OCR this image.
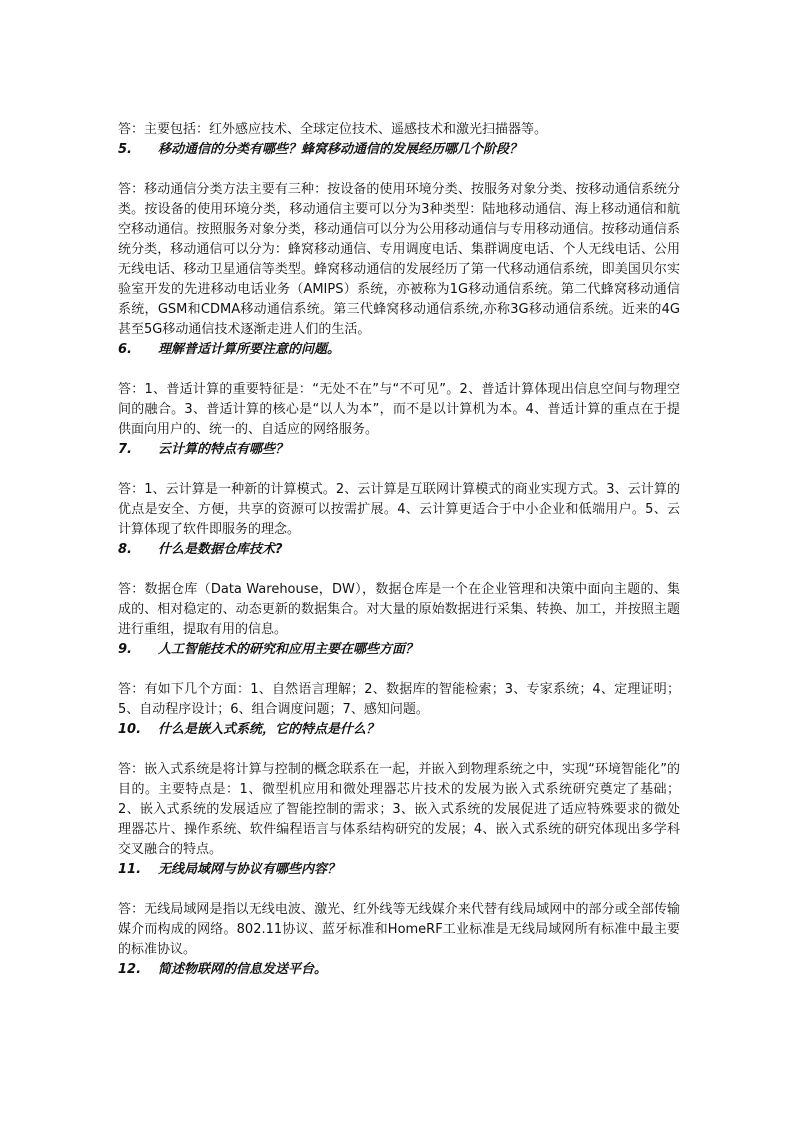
答：主要包括：红外感应技术、全球定位技术、遥感技术和激光扫描器等。

5. 移动通信的分类有哪些？蜂窝移动通信的发展经历哪几个阶段？

答：移动通信分类方法主要有三种：按设备的使用环境分类、按服务对象分类、按移动通信系统分类。按设备的使用环境分类，移动通信主要可以分为3种类型：陆地移动通信、海上移动通信和航空移动通信。按照服务对象分类，移动通信可以分为公用移动通信与专用移动通信。按移动通信系统分类，移动通信可以分为：蜂窝移动通信、专用调度电话、集群调度电话、个人无线电话、公用无线电话、移动卫星通信等类型。蜂窝移动通信的发展经历了第一代移动通信系统，即美国贝尔实验室开发的先进移动电话业务（AMIPS）系统，亦被称为1G移动通信系统。第二代蜂窝移动通信系统，GSM和CDMA移动通信系统。第三代蜂窝移动通信系统,亦称3G移动通信系统。近来的4G甚至5G移动通信技术逐渐走进人们的生活。

6. 理解普适计算所要注意的问题。

答：1、普适计算的重要特征是：“无处不在”与“不可见”。2、普适计算体现出信息空间与物理空间的融合。3、普适计算的核心是“以人为本”，而不是以计算机为本。4、普适计算的重点在于提供面向用户的、统一的、自适应的网络服务。

7. 云计算的特点有哪些？

答：1、云计算是一种新的计算模式。2、云计算是互联网计算模式的商业实现方式。3、云计算的优点是安全、方便，共享的资源可以按需扩展。4、云计算更适合于中小企业和低端用户。5、云计算体现了软件即服务的理念。

8. 什么是数据仓库技术?

答：数据仓库（Data Warehouse，DW），数据仓库是一个在企业管理和决策中面向主题的、集成的、相对稳定的、动态更新的数据集合。对大量的原始数据进行采集、转换、加工，并按照主题进行重组，提取有用的信息。

9. 人工智能技术的研究和应用主要在哪些方面？

答：有如下几个方面：1、自然语言理解；2、数据库的智能检索；3、专家系统；4、定理证明；5、自动程序设计；6、组合调度问题；7、感知问题。

10. 什么是嵌入式系统，它的特点是什么？

答：嵌入式系统是将计算与控制的概念联系在一起，并嵌入到物理系统之中，实现“环境智能化”的目的。主要特点是：1、微型机应用和微处理器芯片技术的发展为嵌入式系统研究奠定了基础；2、嵌入式系统的发展适应了智能控制的需求；3、嵌入式系统的发展促进了适应特殊要求的微处理器芯片、操作系统、软件编程语言与体系结构研究的发展；4、嵌入式系统的研究体现出多学科交叉融合的特点。

11. 无线局域网与协议有哪些内容？

答：无线局域网是指以无线电波、激光、红外线等无线媒介来代替有线局域网中的部分或全部传输媒介而构成的网络。802.11协议、蓝牙标准和HomeRF工业标准是无线局域网所有标准中最主要的标准协议。

12. 简述物联网的信息发送平台。
